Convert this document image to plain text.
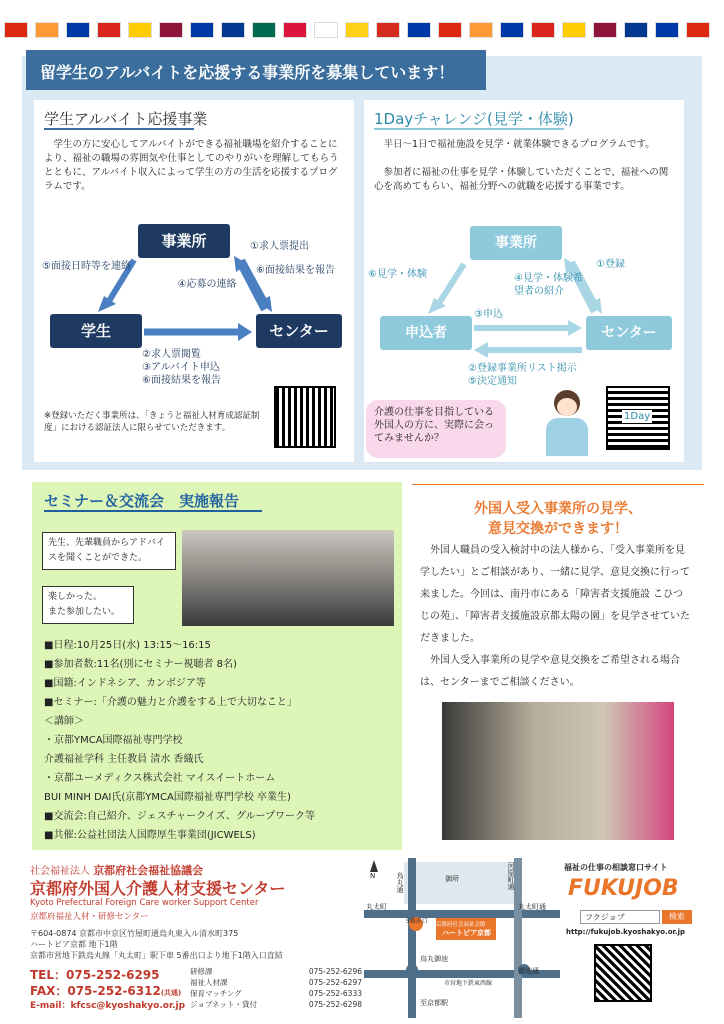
留学生のアルバイトを応援する事業所を募集しています！
学生アルバイト応援事業
学生の方に安心してアルバイトができる福祉職場を紹介することにより、福祉の職場の雰囲気や仕事としてのやりがいを理解してもらうとともに、アルバイト収入によって学生の方の生活を応援するプログラムです。
事業所
学生	センター
①求人票提出
⑤面接日時等を連絡
④応募の連絡
⑥面接結果を報告
②求人票閲覧
③アルバイト申込
⑥面接結果を報告
※登録いただく事業所は、「きょうと福祉人材育成認証制度」における認証法人に限らせていただきます。
1Dayチャレンジ(見学・体験)
半日～1日で福祉施設を見学・就業体験できるプログラムです。
参加者に福祉の仕事を見学・体験していただくことで、福祉への関心を高めてもらい、福祉分野への就職を応援する事業です。
事業所
申込者	センター
①登録
⑥見学・体験	④見学・体験希望者の紹介
③申込
②登録事業所リスト掲示
⑤決定通知
介護の仕事を目指している外国人の方に、実際に会ってみませんか？
1Day
セミナー＆交流会　実施報告
先生、先輩職員からアドバイスを聞くことができた。
楽しかった。
また参加したい。
■日程:10月25日(水) 13:15～16:15
■参加者数:11名(別にセミナー視聴者 8名)
■国籍:インドネシア、カンボジア等
■セミナー:「介護の魅力と介護をする上で大切なこと」
＜講師＞
・京都YMCA国際福祉専門学校
介護福祉学科 主任教員 清水 香織氏
・京都ユーメディクス株式会社 マイスイートホーム
BUI MINH DAI氏(京都YMCA国際福祉専門学校 卒業生)
■交流会:自己紹介、ジェスチャークイズ、グループワーク等
■共催:公益社団法人国際厚生事業団(JICWELS)
外国人受入事業所の見学、
意見交換ができます！

外国人職員の受入検討中の法人様から、「受入事業所を見学したい」とご相談があり、一緒に見学、意見交換に行って来ました。今回は、南丹市にある「障害者支援施設 こひつじの苑」、「障害者支援施設京都太陽の園」を見学させていただきました。

外国人受入事業所の見学や意見交換をご希望される場合は、センターまでご相談ください。

社会福祉法人 京都府社会福祉協議会
京都府外国人介護人材支援センター
Kyoto Prefectural Foreign Care worker Support Center
京都府福祉人材・研修センター
〒604-0874 京都市中京区竹屋町通烏丸東入ル清水町375
ハートピア京都 地下1階
京都市営地下鉄烏丸線「丸太町」駅下車 5番出口より地下1階入口直結
TEL：075-252-6295
FAX：075-252-6312(共通)
E-mail：kfcsc@kyoshakyo.or.jp
研修課	075-252-6296
福祉人材課	075-252-6297
保育マッチング	075-252-6333
ジョブネット・貸付	075-252-6298
N
丸太町	丸太町通
烏丸通	河原町通
御所
京都府社会福祉会館
ハートピア京都
5番出口
烏丸御池
御池通
市営地下鉄東西線
至京都駅
福祉の仕事の相談窓口サイト
FUKUJOB
フクジョブ	検索
http://fukujob.kyoshakyo.or.jp
